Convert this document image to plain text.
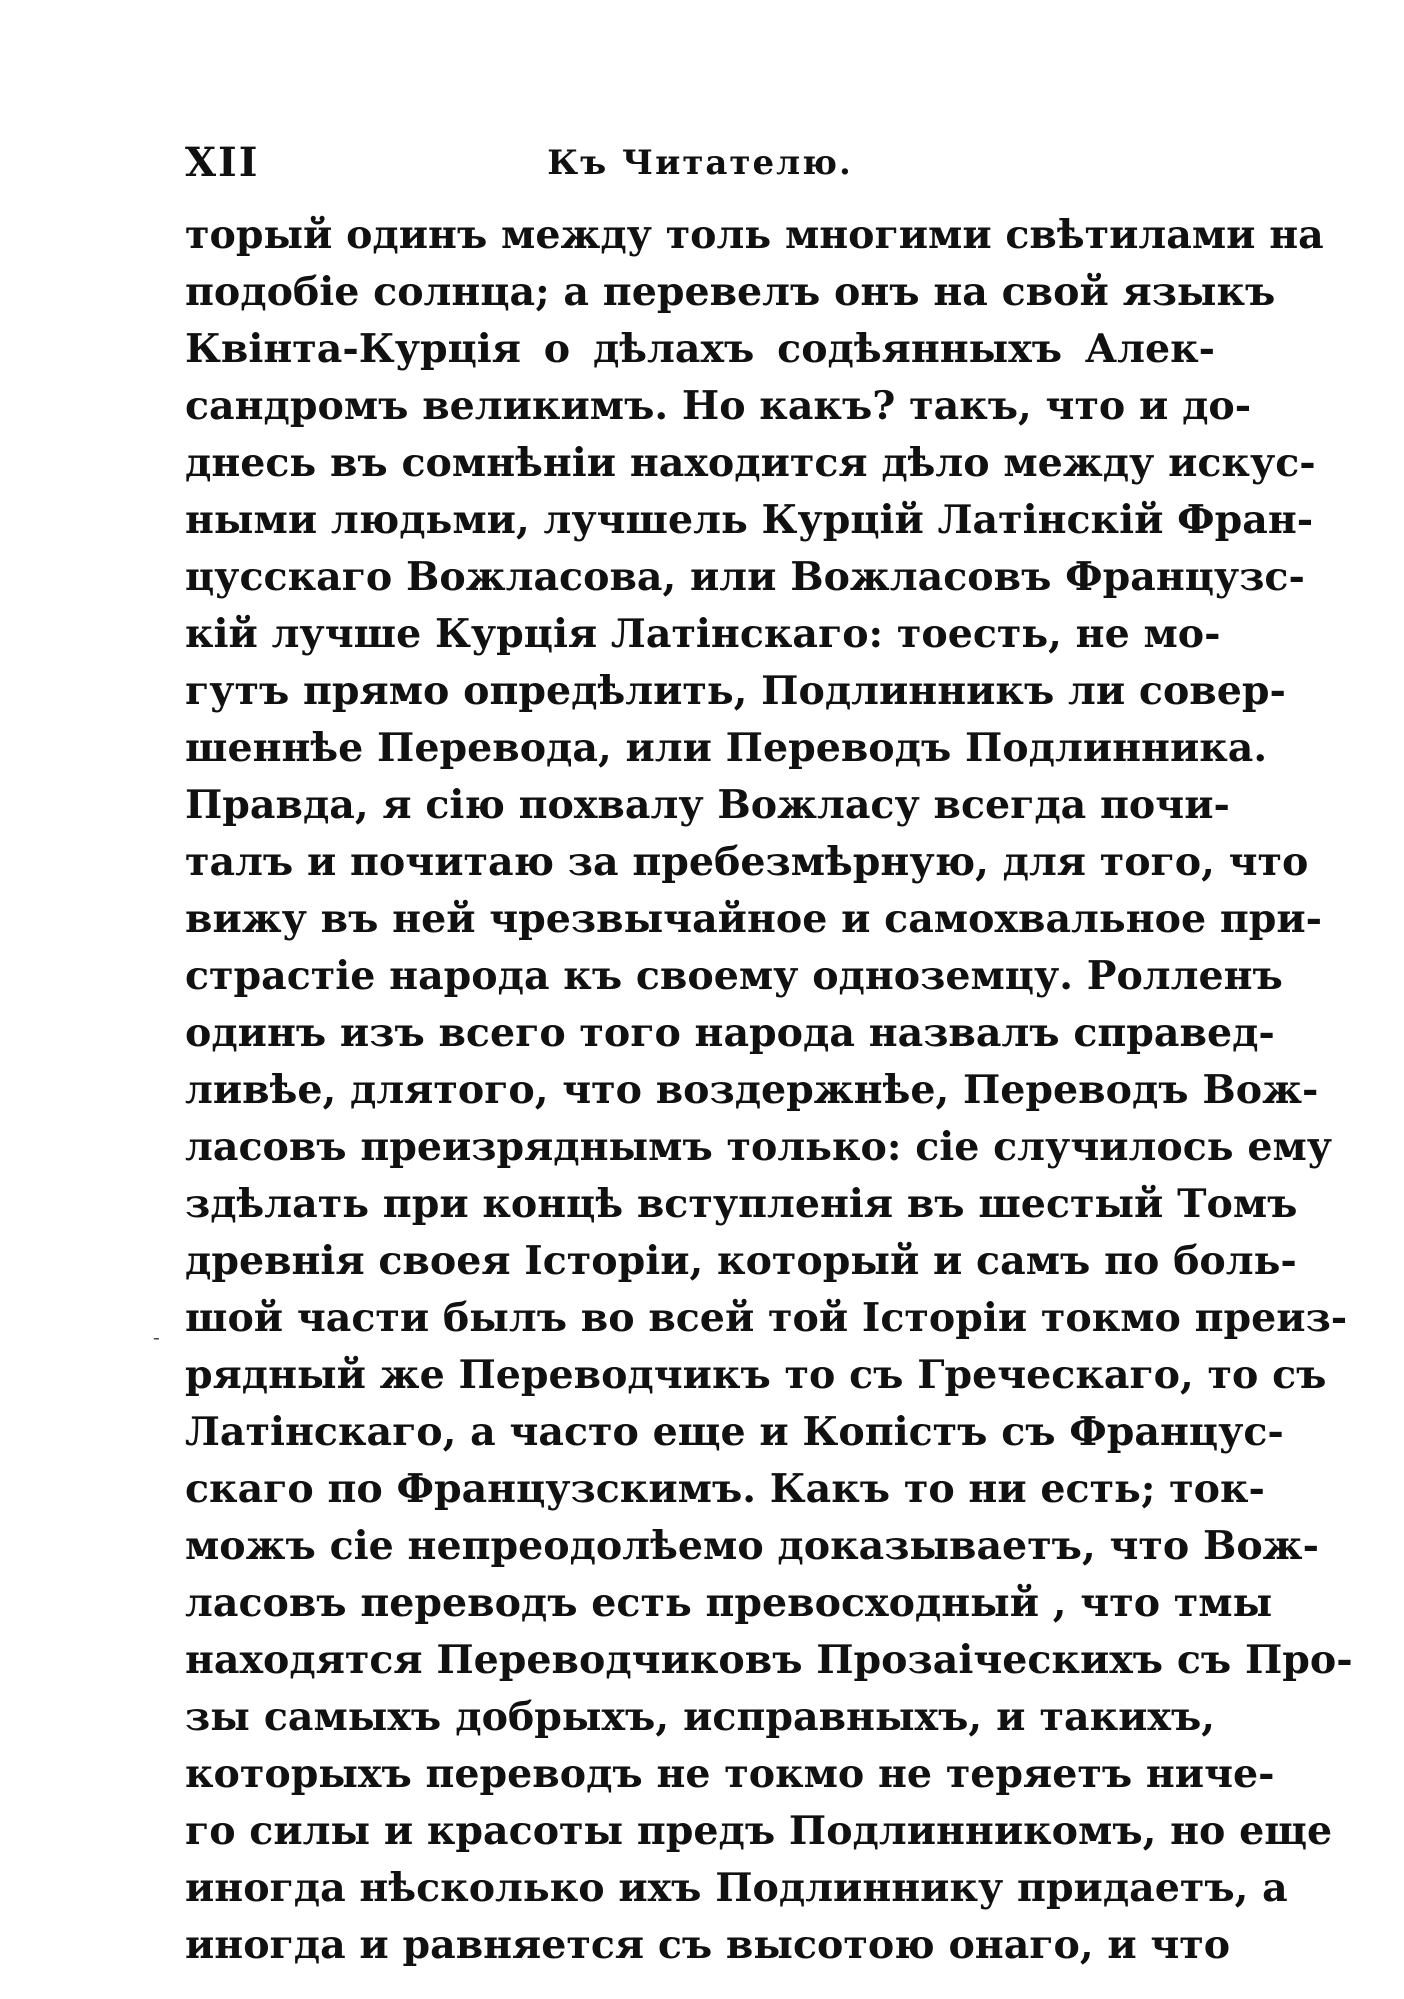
XII	Къ Читателю.
-
торый одинъ между толь многими свѣтилами на
подобіе солнца; а перевелъ онъ на свой языкъ
Квінта-Курція о дѣлахъ содѣянныхъ Алек-
сандромъ великимъ. Но какъ? такъ, что и до-
днесь въ сомнѣніи находится дѣло между искус-
ными людьми, лучшель Курцій Латінскій Фран-
цусскаго Вожласова, или Вожласовъ Французс-
кій лучше Курція Латінскаго: тоесть, не мо-
гутъ прямо опредѣлить, Подлинникъ ли совер-
шеннѣе Перевода, или Переводъ Подлинника.
Правда, я сію похвалу Вожласу всегда почи-
талъ и почитаю за пребезмѣрную, для того, что
вижу въ ней чрезвычайное и самохвальное при-
страстіе народа къ своему одноземцу. Ролленъ
одинъ изъ всего того народа назвалъ справед-
ливѣе, длятого, что воздержнѣе, Переводъ Вож-
ласовъ преизряднымъ только: сіе случилось ему
здѣлать при концѣ вступленія въ шестый Томъ
древнія своея Історіи, который и самъ по боль-
шой части былъ во всей той Історіи токмо преиз-
рядный же Переводчикъ то съ Греческаго, то съ
Латінскаго, а часто еще и Копістъ съ Францус-
скаго по Французскимъ. Какъ то ни есть; ток-
можъ сіе непреодолѣемо доказываетъ, что Вож-
ласовъ переводъ есть превосходный , что тмы
находятся Переводчиковъ Прозаіческихъ съ Про-
зы самыхъ добрыхъ, исправныхъ, и такихъ,
которыхъ переводъ не токмо не теряетъ ниче-
го силы и красоты предъ Подлинникомъ, но еще
иногда нѣсколько ихъ Подлиннику придаетъ, а
иногда и равняется съ высотою онаго, и что
